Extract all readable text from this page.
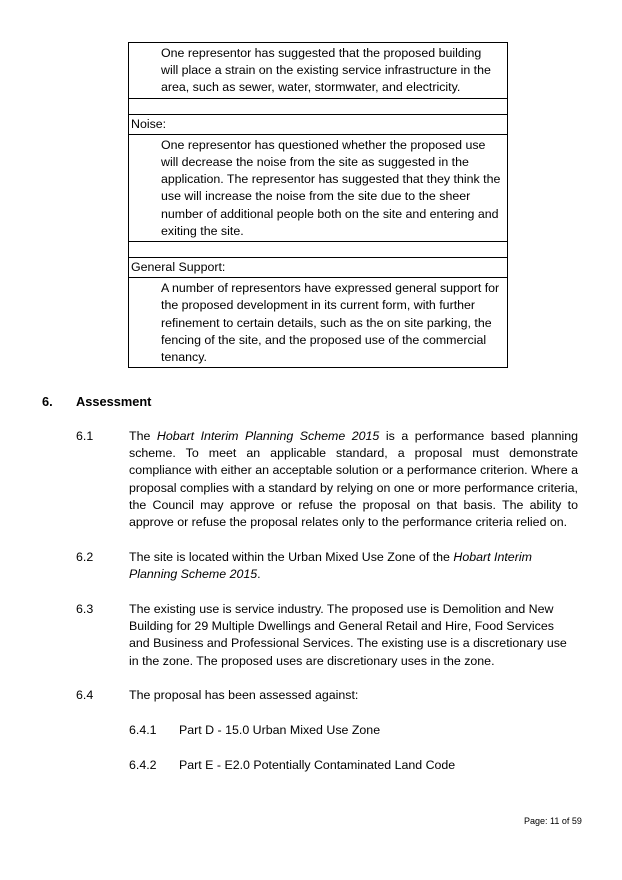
One representor has suggested that the proposed building will place a strain on the existing service infrastructure in the area, such as sewer, water, stormwater, and electricity.

Noise:
One representor has questioned whether the proposed use will decrease the noise from the site as suggested in the application. The representor has suggested that they think the use will increase the noise from the site due to the sheer number of additional people both on the site and entering and exiting the site.

General Support:
A number of representors have expressed general support for the proposed development in its current form, with further refinement to certain details, such as the on site parking, the fencing of the site, and the proposed use of the commercial tenancy.
6. Assessment
6.1	The Hobart Interim Planning Scheme 2015 is a performance based planning scheme. To meet an applicable standard, a proposal must demonstrate compliance with either an acceptable solution or a performance criterion. Where a proposal complies with a standard by relying on one or more performance criteria, the Council may approve or refuse the proposal on that basis. The ability to approve or refuse the proposal relates only to the performance criteria relied on.
6.2	The site is located within the Urban Mixed Use Zone of the Hobart Interim Planning Scheme 2015.
6.3	The existing use is service industry. The proposed use is Demolition and New Building for 29 Multiple Dwellings and General Retail and Hire, Food Services and Business and Professional Services. The existing use is a discretionary use in the zone. The proposed uses are discretionary uses in the zone.
6.4	The proposal has been assessed against:
6.4.1 Part D - 15.0 Urban Mixed Use Zone
6.4.2 Part E - E2.0 Potentially Contaminated Land Code
Page: 11 of 59
